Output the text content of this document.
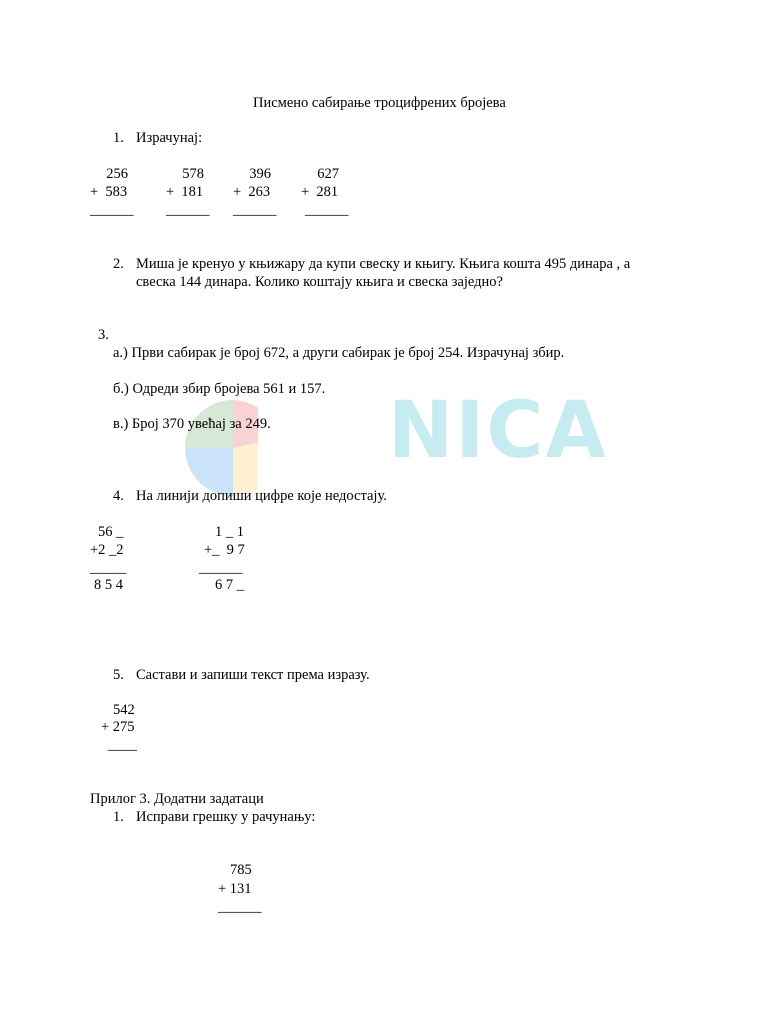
NICA
Писмено сабирање троцифрених бројева
1. Израчунај:
256
+  583
______
578
+  181
______
396
+  263
______
627
+  281
______
2. Миша је кренуо у књижару да купи свеску и књигу. Књига кошта 495 динара , а
свеска 144 динара. Колико коштају књига и свеска заједно?
3.
а.) Први сабирак је број 672, а други сабирак је број 254. Израчунај збир.
б.) Одреди збир бројева 561 и 157.
в.) Број 370 увећај за 249.
4. На линији допиши цифре које недостају.
56 _
+2 _2
_____
8 5 4
1 _ 1
+_  9 7
______
6 7 _
5. Састави и запиши текст према изразу.
542
+ 275
____
Прилог 3. Додатни задатаци
1. Исправи грешку у рачунању:
785
+ 131
______
